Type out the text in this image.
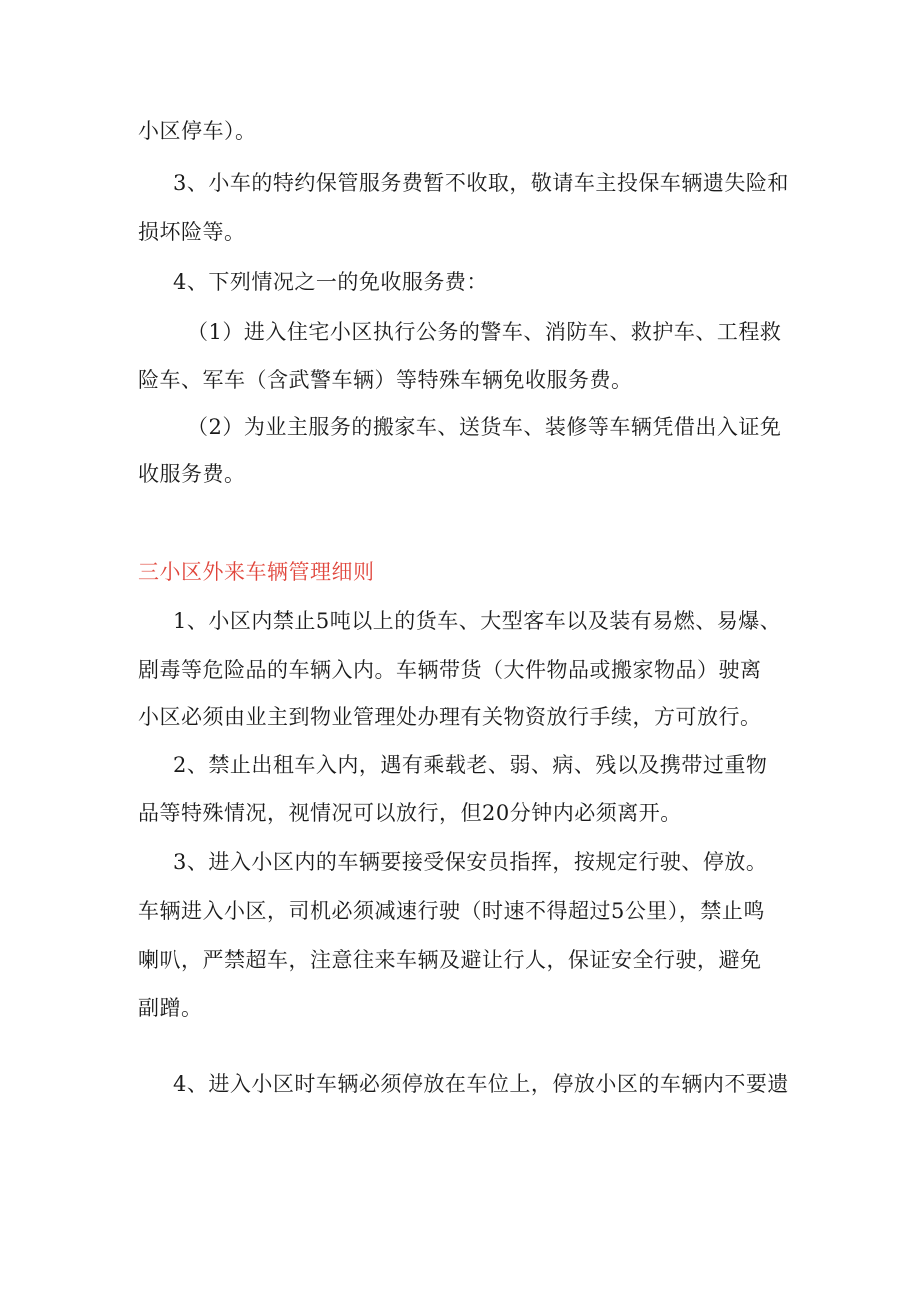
小区停车）。
3、小车的特约保管服务费暂不收取，敬请车主投保车辆遗失险和
损坏险等。
4、下列情况之一的免收服务费：
（1）进入住宅小区执行公务的警车、消防车、救护车、工程救
险车、军车（含武警车辆）等特殊车辆免收服务费。
（2）为业主服务的搬家车、送货车、装修等车辆凭借出入证免
收服务费。
三小区外来车辆管理细则
1、小区内禁止5吨以上的货车、大型客车以及装有易燃、易爆、
剧毒等危险品的车辆入内。车辆带货（大件物品或搬家物品）驶离
小区必须由业主到物业管理处办理有关物资放行手续，方可放行。
2、禁止出租车入内，遇有乘载老、弱、病、残以及携带过重物
品等特殊情况，视情况可以放行，但20分钟内必须离开。
3、进入小区内的车辆要接受保安员指挥，按规定行驶、停放。
车辆进入小区，司机必须减速行驶（时速不得超过5公里），禁止鸣
喇叭，严禁超车，注意往来车辆及避让行人，保证安全行驶，避免
副蹭。
4、进入小区时车辆必须停放在车位上，停放小区的车辆内不要遗
